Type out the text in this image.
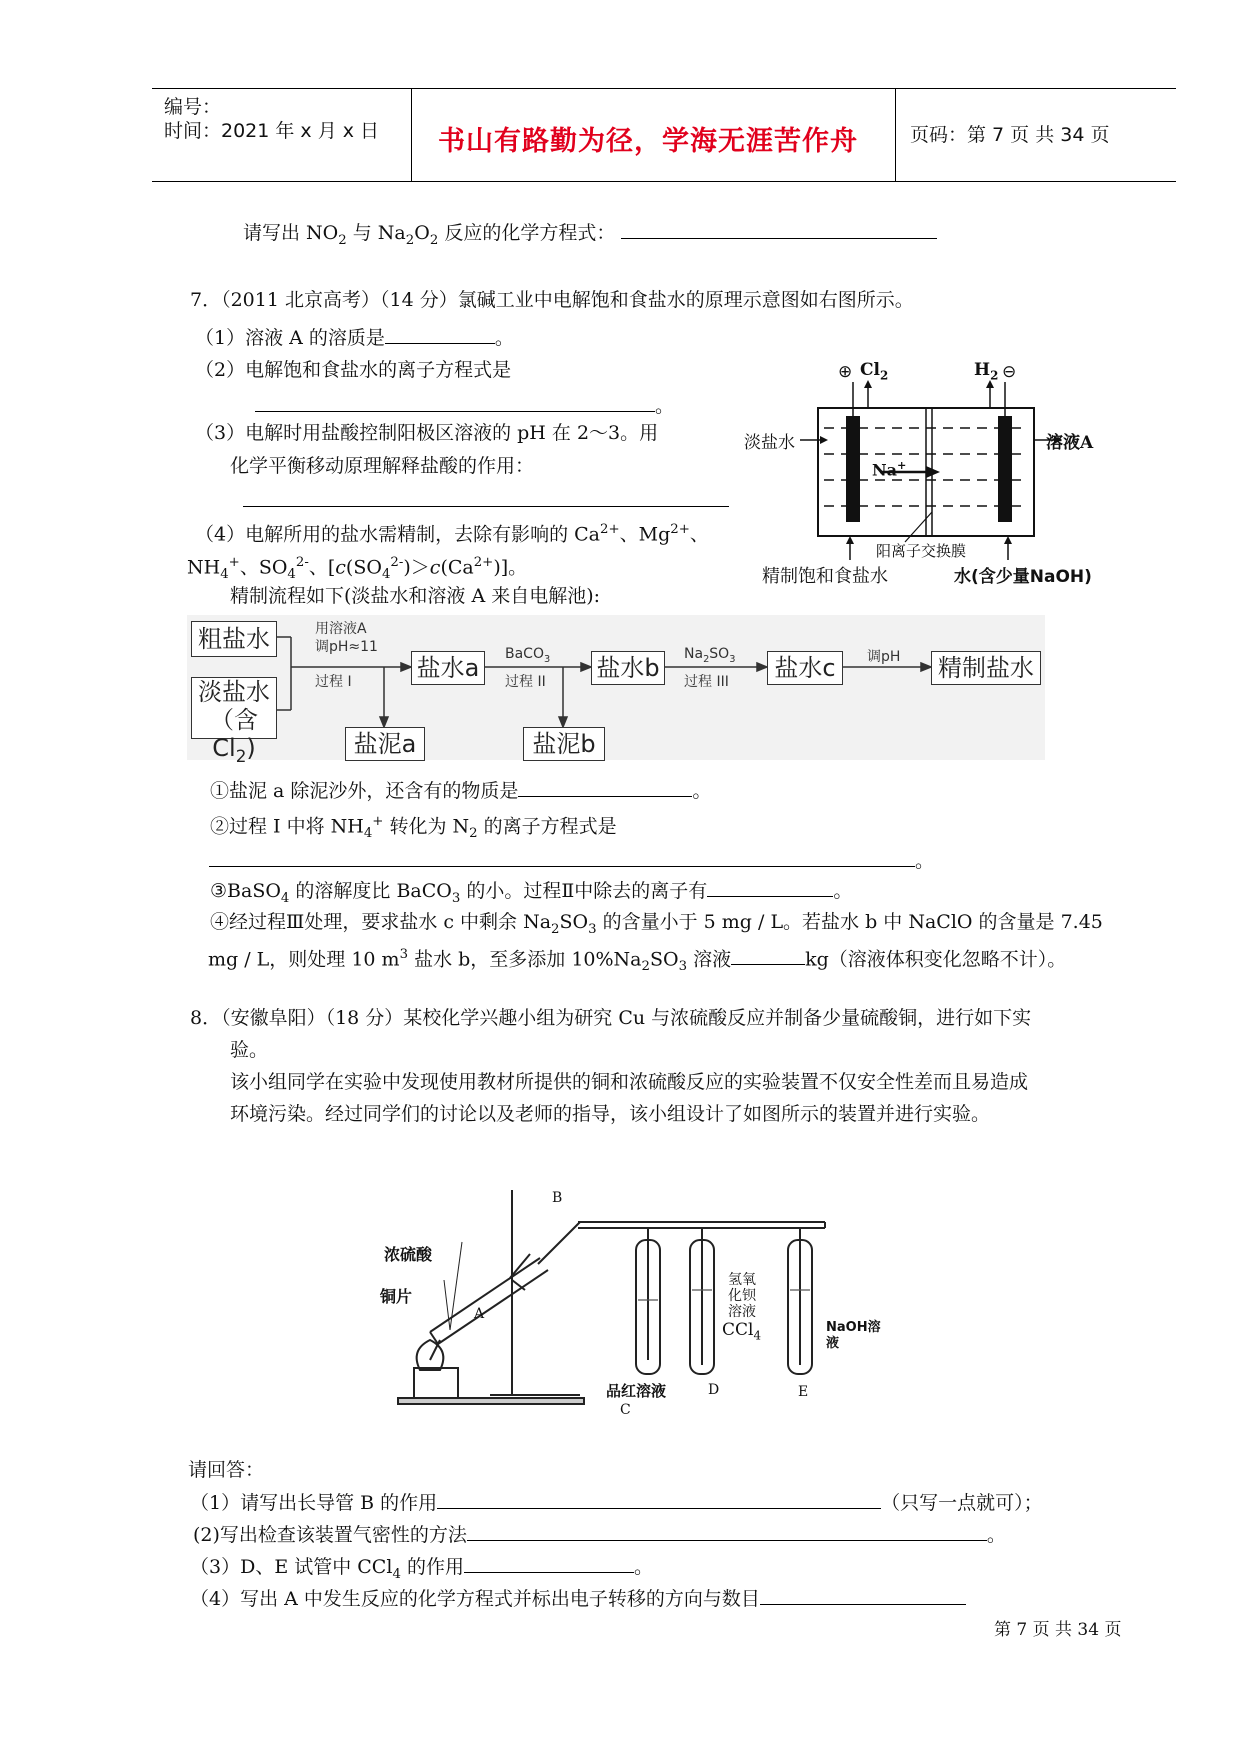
编号：
时间：2021 年 x 月 x 日 书山有路勤为径，学海无涯苦作舟	页码：第 7 页 共 34 页
请写出 $NO_2$ 与 $Na_2O_2$ 反应的化学方程式：
7．（2011 北京高考）（14 分）氯碱工业中电解饱和食盐水的原理示意图如右图所示。
（1）溶液 A 的溶质是	。
（2）电解饱和食盐水的离子方程式是
。
（3）电解时用盐酸控制阳极区溶液的 pH 在 2～3。用
化学平衡移动原理解释盐酸的作用：
（4）电解所用的盐水需精制，去除有影响的 $Ca^{2+}$、$Mg^{2+}$、
$NH_4^+$、$SO_4^{2-}$、$[c(SO_4^{2-})>c(Ca^{2+})]$。
精制流程如下(淡盐水和溶液 A 来自电解池):
⊕ $Cl_2$	$H_2$ ⊖
淡盐水	溶液A
Na+
阳离子交换膜
精制饱和食盐水	水(含少量NaOH)
粗盐水
淡盐水
（含$Cl_2$)
用溶液A
调pH≈11
过程 I	盐水a
盐泥a
BaCO$_3$
过程 II 盐水b
盐泥b
$Na_2SO_3$
过程 III	盐水c	调pH 精制盐水
①盐泥 a 除泥沙外，还含有的物质是	。
②过程 I 中将 $NH_4^+$ 转化为 $N_2$ 的离子方程式是
。
③BaSO$_4$ 的溶解度比 BaCO$_3$ 的小。过程Ⅱ中除去的离子有	。
④经过程Ⅲ处理，要求盐水 c 中剩余 $Na_2SO_3$ 的含量小于 5 mg / L。若盐水 b 中 NaClO 的含量是 7.45
mg / L，则处理 10 $m^3$ 盐水 b，至多添加 $10\%Na_2SO_3$ 溶液	kg（溶液体积变化忽略不计）。
8．（安徽阜阳）（18 分）某校化学兴趣小组为研究 Cu 与浓硫酸反应并制备少量硫酸铜，进行如下实
验。
该小组同学在实验中发现使用教材所提供的铜和浓硫酸反应的实验装置不仅安全性差而且易造成
环境污染。经过同学们的讨论以及老师的指导，该小组设计了如图所示的装置并进行实验。
B
浓硫酸
铜片
A
品红溶液
C
氢氧化钡溶液
CCl$_4$
D
NaOH溶液
E
请回答：
（1）请写出长导管 B 的作用	（只写一点就可）；
(2)写出检查该装置气密性的方法	。
（3）D、E 试管中 CCl$_4$ 的作用	。
（4）写出 A 中发生反应的化学方程式并标出电子转移的方向与数目
第 7 页 共 34 页
